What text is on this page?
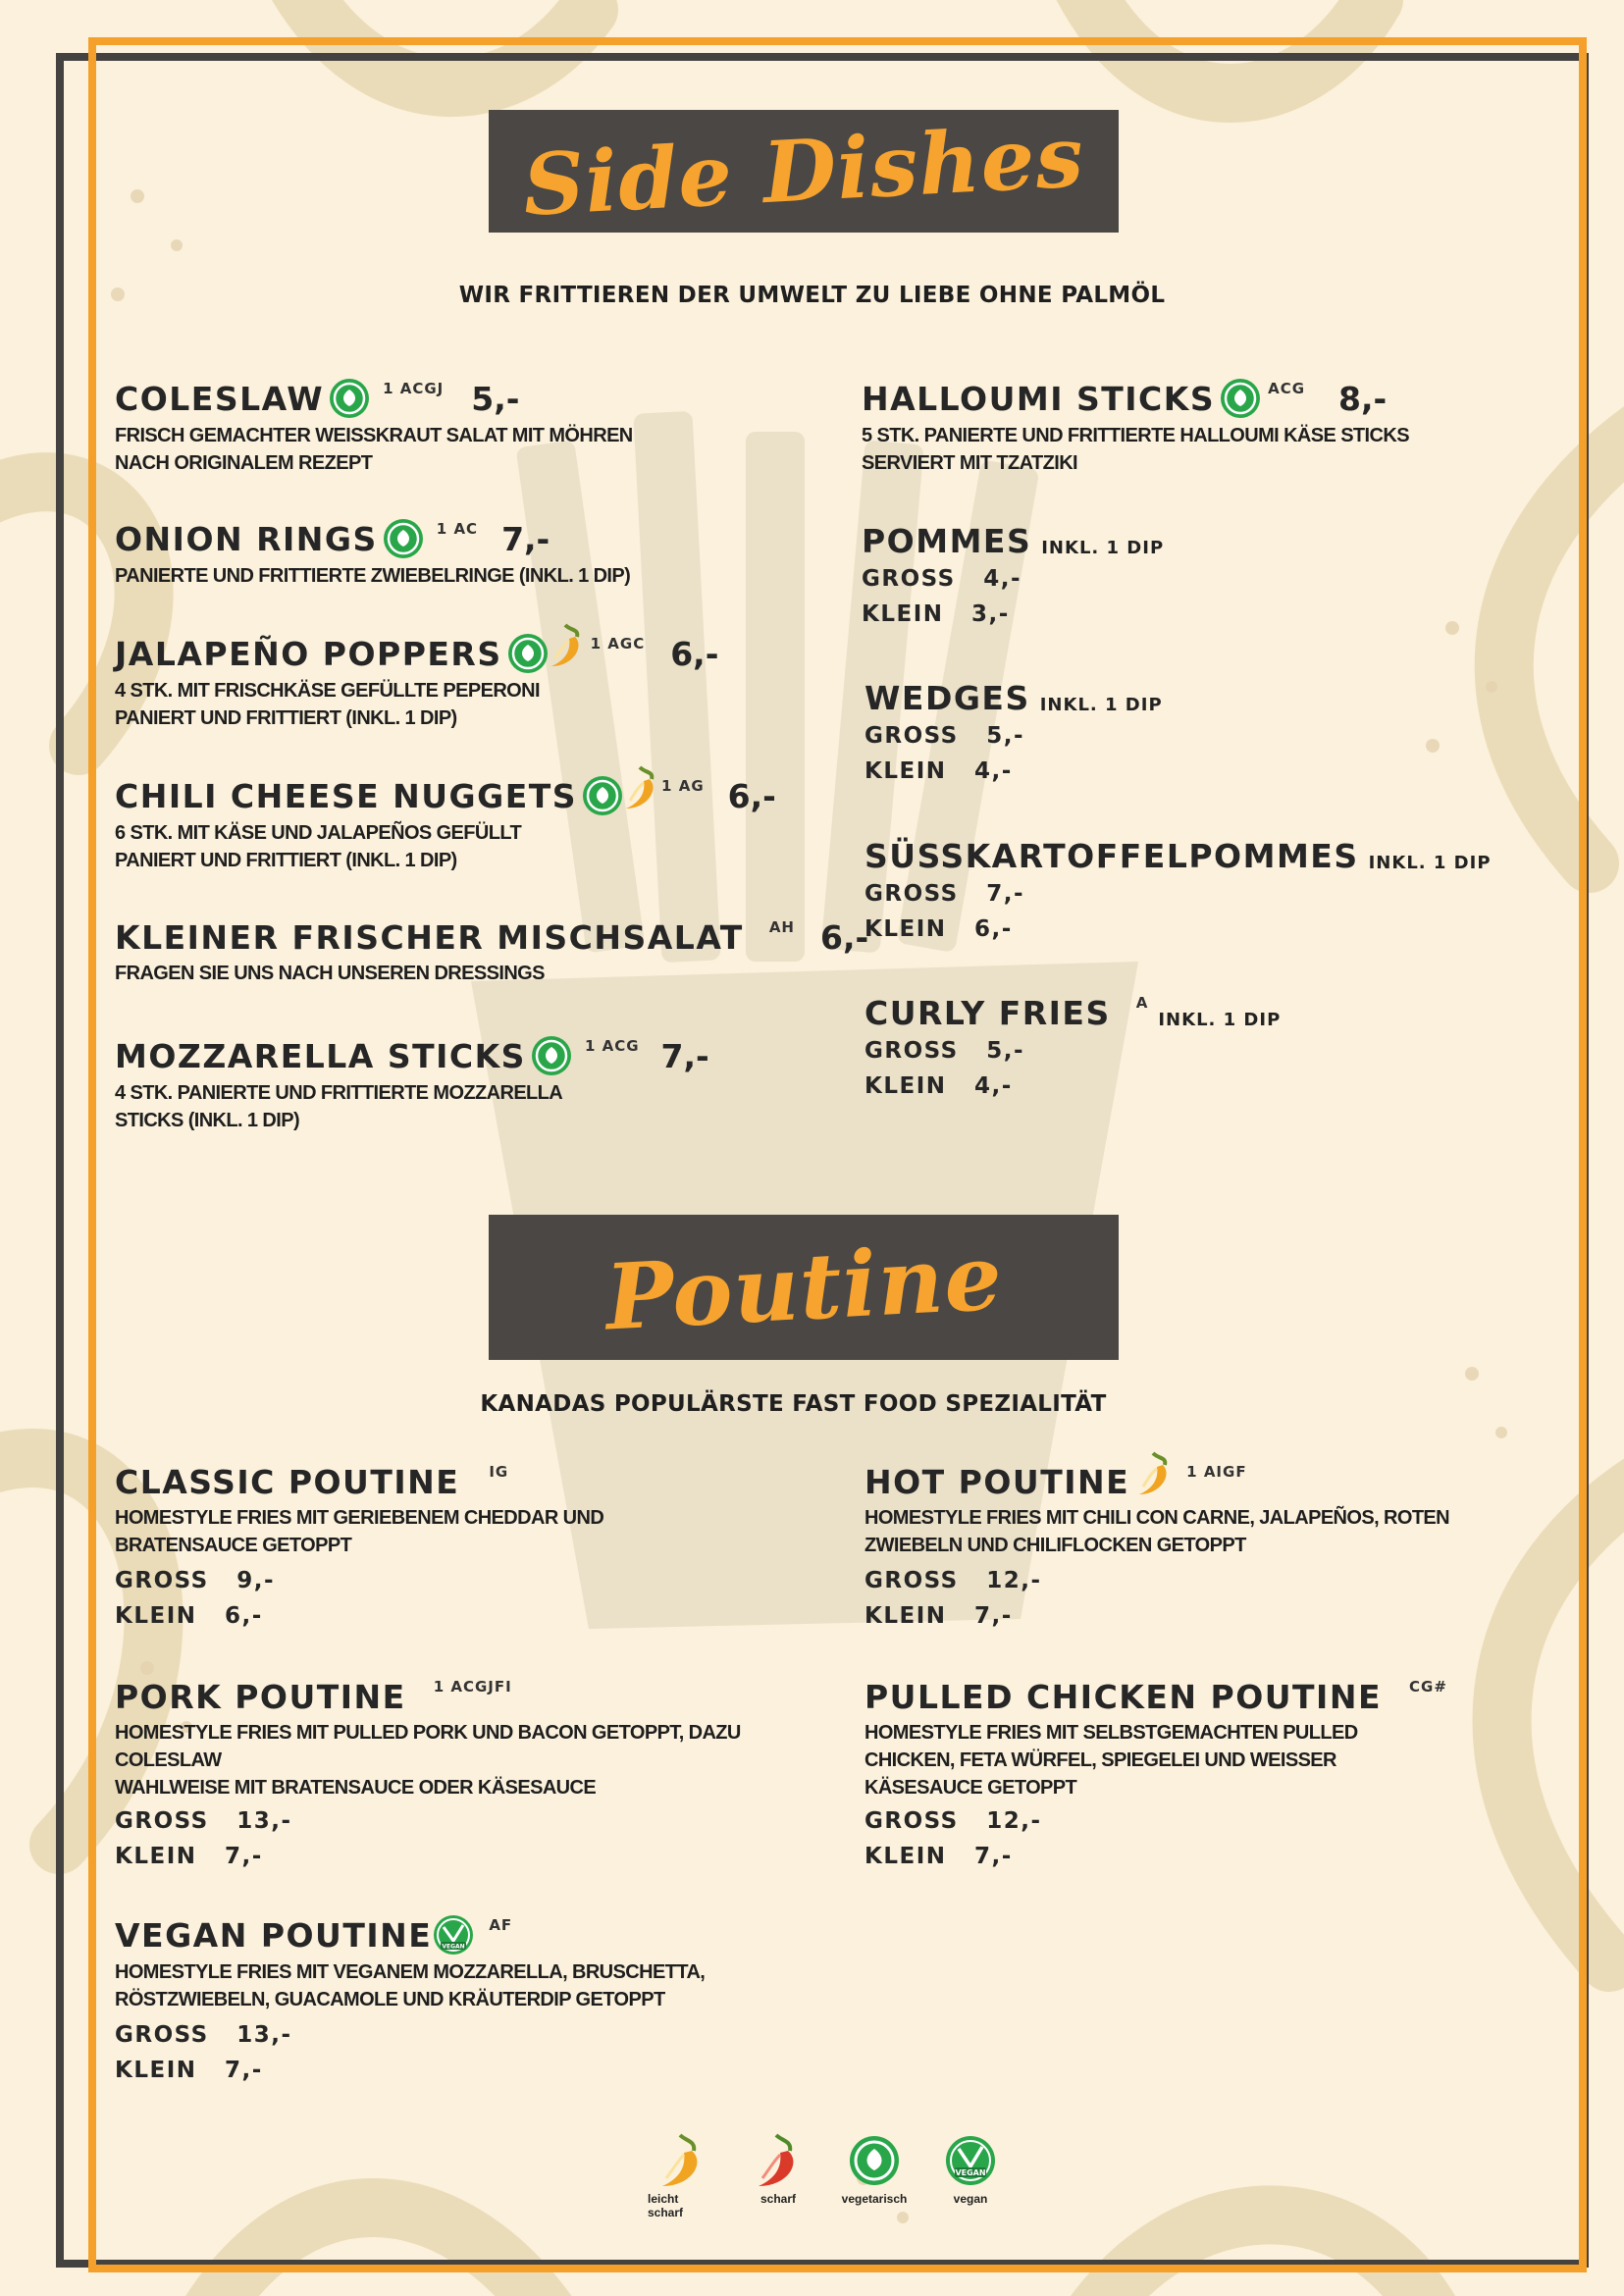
Side Dishes
WIR FRITTIEREN DER UMWELT ZU LIEBE OHNE PALMÖL
COLESLAW	1 ACGJ 5,-
FRISCH GEMACHTER WEISSKRAUT SALAT MIT MÖHREN
NACH ORIGINALEM REZEPT
ONION RINGS	1 AC 7,-
PANIERTE UND FRITTIERTE ZWIEBELRINGE (INKL. 1 DIP)
JALAPEÑO POPPERS	1 AGC 6,-
4 STK. MIT FRISCHKÄSE GEFÜLLTE PEPERONI
PANIERT UND FRITTIERT (INKL. 1 DIP)
CHILI CHEESE NUGGETS	1 AG 6,-
6 STK. MIT KÄSE UND JALAPEÑOS GEFÜLLT
PANIERT UND FRITTIERT (INKL. 1 DIP)
KLEINER FRISCHER MISCHSALAT AH 6,-
FRAGEN SIE UNS NACH UNSEREN DRESSINGS
MOZZARELLA STICKS	1 ACG 7,-
4 STK. PANIERTE UND FRITTIERTE MOZZARELLA
STICKS (INKL. 1 DIP)
HALLOUMI STICKS	ACG 8,-
5 STK. PANIERTE UND FRITTIERTE HALLOUMI KÄSE STICKS
SERVIERT MIT TZATZIKI
POMMES INKL. 1 DIP
GROSS   4,-
KLEIN   3,-
WEDGES INKL. 1 DIP
GROSS   5,-
KLEIN   4,-
SÜSSKARTOFFELPOMMES INKL. 1 DIP
GROSS   7,-
KLEIN   6,-
CURLY FRIES A
INKL. 1 DIP
GROSS   5,-
KLEIN   4,-
Poutine
KANADAS POPULÄRSTE FAST FOOD SPEZIALITÄT
CLASSIC POUTINE IG
HOMESTYLE FRIES MIT GERIEBENEM CHEDDAR UND
BRATENSAUCE GETOPPT
GROSS   9,-
KLEIN   6,-
HOT POUTINE	1 AIGF
HOMESTYLE FRIES MIT CHILI CON CARNE, JALAPEÑOS, ROTEN
ZWIEBELN UND CHILIFLOCKEN GETOPPT
GROSS   12,-
KLEIN   7,-
PORK POUTINE 1 ACGJFI
HOMESTYLE FRIES MIT PULLED PORK UND BACON GETOPPT, DAZU
COLESLAW
WAHLWEISE MIT BRATENSAUCE ODER KÄSESAUCE
GROSS   13,-
KLEIN   7,-
PULLED CHICKEN POUTINE CG#
HOMESTYLE FRIES MIT SELBSTGEMACHTEN PULLED
CHICKEN, FETA WÜRFEL, SPIEGELEI UND WEISSER
KÄSESAUCE GETOPPT
GROSS   12,-
KLEIN   7,-
VEGAN POUTINE VEGAN
AF
HOMESTYLE FRIES MIT VEGANEM MOZZARELLA, BRUSCHETTA,
RÖSTZWIEBELN, GUACAMOLE UND KRÄUTERDIP GETOPPT
GROSS   13,-
KLEIN   7,-
leicht scharf
scharf	vegetarisch
VEGAN
vegan
